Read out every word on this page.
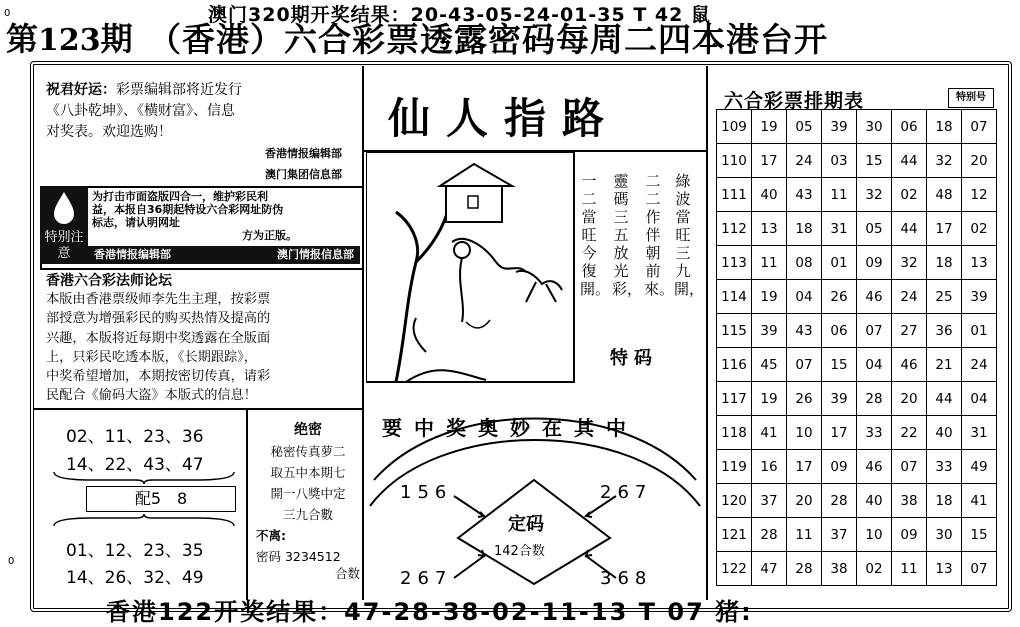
0
0
澳门320期开奖结果：20-43-05-24-01-35 T 42 鼠
第123期 （香港）六合彩票透露密码每周二四本港台开
祝君好运：彩票编辑部将近发行
《八卦乾坤》、《横财富》、信息
对奖表。欢迎选购！
香港情报编辑部
澳门集团信息部
特别注意
为打击市面盗版四合一，维护彩民利
益，本报自36期起特设六合彩网址防伪
标志，请认明网址
方为正版。
香港情报编辑部	澳门情报信息部
香港六合彩法师论坛
本版由香港票级师李先生主理，按彩票
部授意为增强彩民的购买热情及提高的
兴趣，本版将近每期中奖透露在全版面
上，只彩民吃透本版，《长期跟踪》，
中奖希望增加，本期按密切传真，请彩
民配合《偷码大盗》本版式的信息！
02、11、23、36
14、22、43、47
配5　8
01、12、23、35
14、26、32、49
绝密
秘密传真萝二
取五中本期七
開一八獎中定
三九合數
不离:
密码 3234512
合数
仙人指路
綠波當旺三九開，
二二作伴朝前來。
靈碼三五放光彩，
一二當旺今復開。
特码
要中奖奥妙在其中
156	267
267	368
定码
142合数
六合彩票排期表	特别号
109	19	05	39	30	06	18	07
110	17	24	03	15	44	32	20
111	40	43	11	32	02	48	12
112	13	18	31	05	44	17	02
113	11	08	01	09	32	18	13
114	19	04	26	46	24	25	39
115	39	43	06	07	27	36	01
116	45	07	15	04	46	21	24
117	19	26	39	28	20	44	04
118	41	10	17	33	22	40	31
119	16	17	09	46	07	33	49
120	37	20	28	40	38	18	41
121	28	11	37	10	09	30	15
122	47	28	38	02	11	13	07
香港122开奖结果：47-28-38-02-11-13 T 07 猪:
